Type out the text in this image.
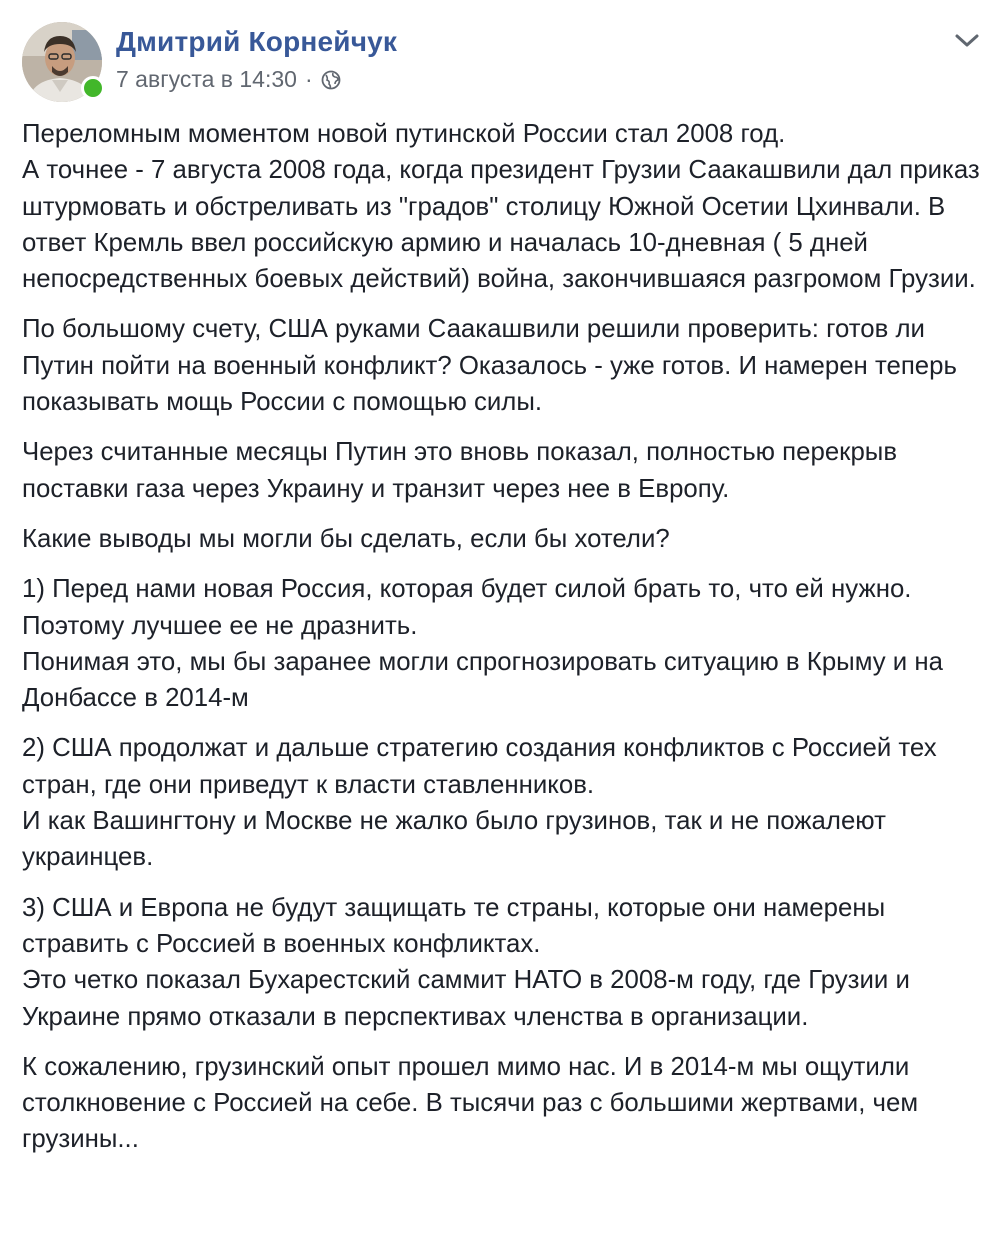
Дмитрий Корнейчук
7 августа в 14:30 ·

Переломным моментом новой путинской России стал 2008 год.
А точнее - 7 августа 2008 года, когда президент Грузии Саакашвили дал приказ штурмовать и обстреливать из "градов" столицу Южной Осетии Цхинвали. В ответ Кремль ввел российскую армию и началась 10-дневная ( 5 дней непосредственных боевых действий) война, закончившаяся разгромом Грузии.

По большому счету, США руками Саакашвили решили проверить: готов ли Путин пойти на военный конфликт? Оказалось - уже готов. И намерен теперь показывать мощь России с помощью силы.

Через считанные месяцы Путин это вновь показал, полностью перекрыв поставки газа через Украину и транзит через нее в Европу.

Какие выводы мы могли бы сделать, если бы хотели?

1) Перед нами новая Россия, которая будет силой брать то, что ей нужно. Поэтому лучшее ее не дразнить.
Понимая это, мы бы заранее могли спрогнозировать ситуацию в Крыму и на Донбассе в 2014-м

2) США продолжат и дальше стратегию создания конфликтов с Россией тех стран, где они приведут к власти ставленников.
И как Вашингтону и Москве не жалко было грузинов, так и не пожалеют украинцев.

3) США и Европа не будут защищать те страны, которые они намерены стравить с Россией в военных конфликтах.
Это четко показал Бухарестский саммит НАТО в 2008-м году, где Грузии и Украине прямо отказали в перспективах членства в организации.

К сожалению, грузинский опыт прошел мимо нас. И в 2014-м мы ощутили столкновение с Россией на себе. В тысячи раз с большими жертвами, чем грузины...
